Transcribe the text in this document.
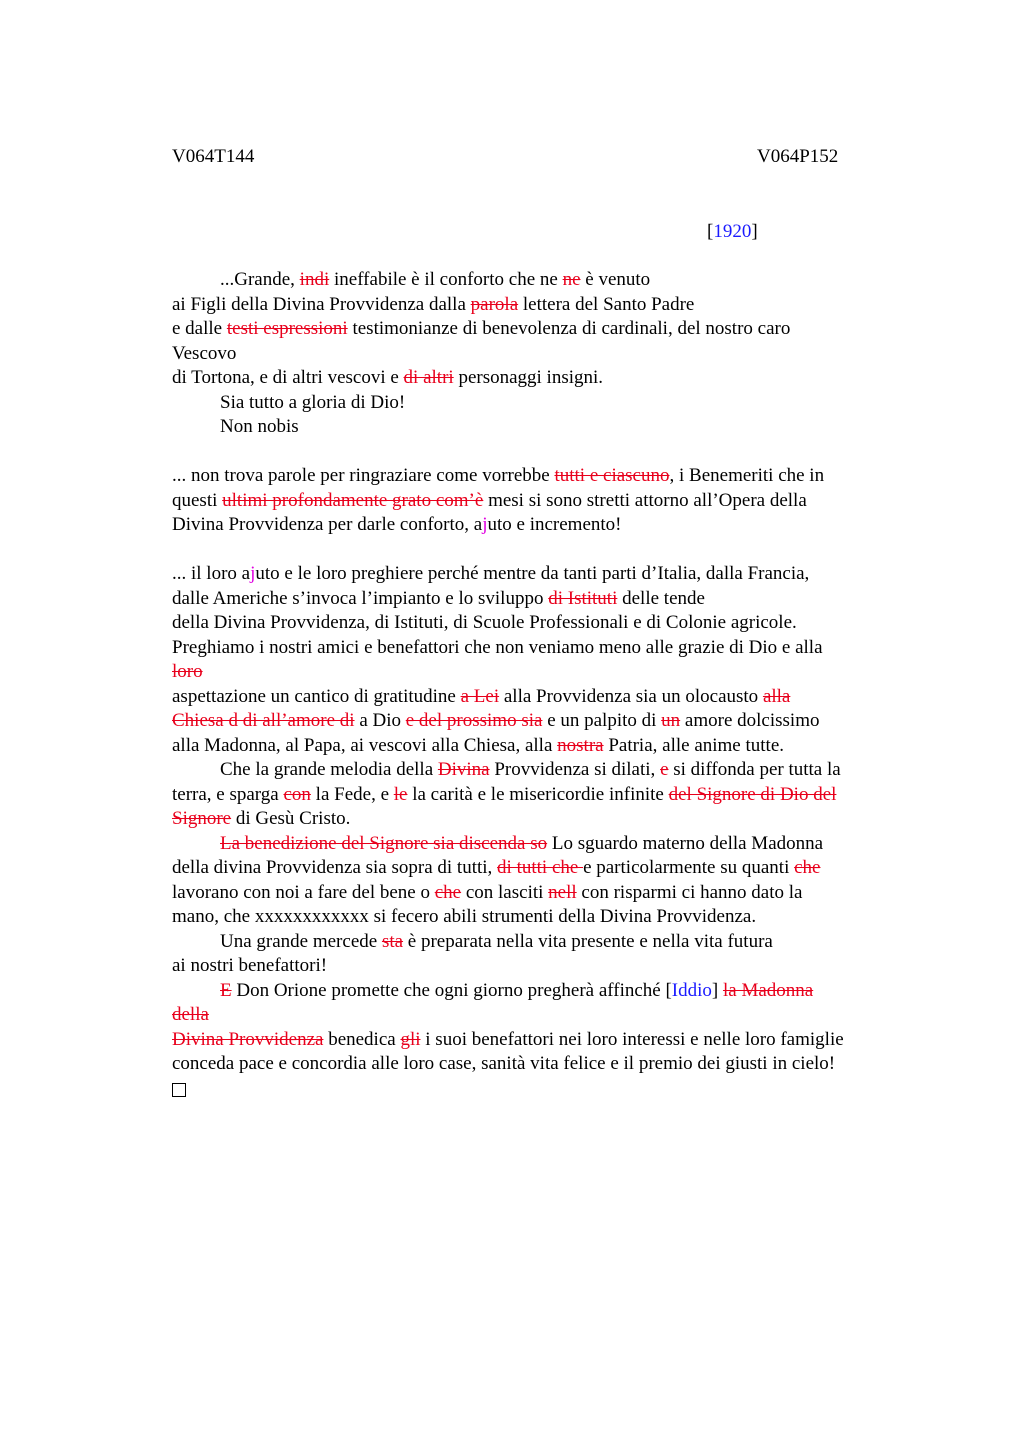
V064T144	V064P152
[1920]
...Grande, indi ineffabile è il conforto che ne ne è venuto
ai Figli della Divina Provvidenza dalla parola lettera del Santo Padre
e dalle testi espressioni testimonianze di benevolenza di cardinali, del nostro caro
Vescovo
di Tortona, e di altri vescovi e di altri personaggi insigni.
Sia tutto a gloria di Dio!
Non nobis
... non trova parole per ringraziare come vorrebbe tutti e ciascuno, i Benemeriti che in
questi ultimi profondamente grato com’è mesi si sono stretti attorno all’Opera della
Divina Provvidenza per darle conforto, ajuto e incremento!
... il loro ajuto e le loro preghiere perché mentre da tanti parti d’Italia, dalla Francia,
dalle Americhe s’invoca l’impianto e lo sviluppo di Istituti delle tende
della Divina Provvidenza, di Istituti, di Scuole Professionali e di Colonie agricole.
Preghiamo i nostri amici e benefattori che non veniamo meno alle grazie di Dio e alla
loro
aspettazione un cantico di gratitudine a Lei alla Provvidenza sia un olocausto alla
Chiesa d di all’amore di a Dio e del prossimo sia e un palpito di un amore dolcissimo
alla Madonna, al Papa, ai vescovi alla Chiesa, alla nostra Patria, alle anime tutte.
Che la grande melodia della Divina Provvidenza si dilati, e si diffonda per tutta la
terra, e sparga con la Fede, e le la carità e le misericordie infinite del Signore di Dio del
Signore di Gesù Cristo.
La benedizione del Signore sia discenda so Lo sguardo materno della Madonna
della divina Provvidenza sia sopra di tutti, di tutti che e particolarmente su quanti che
lavorano con noi a fare del bene o che con lasciti nell con risparmi ci hanno dato la
mano, che xxxxxxxxxxxx si fecero abili strumenti della Divina Provvidenza.
Una grande mercede sta è preparata nella vita presente e nella vita futura
ai nostri benefattori!
E Don Orione promette che ogni giorno pregherà affinché [Iddio] la Madonna
della
Divina Provvidenza benedica gli i suoi benefattori nei loro interessi e nelle loro famiglie
conceda pace e concordia alle loro case, sanità vita felice e il premio dei giusti in cielo!
